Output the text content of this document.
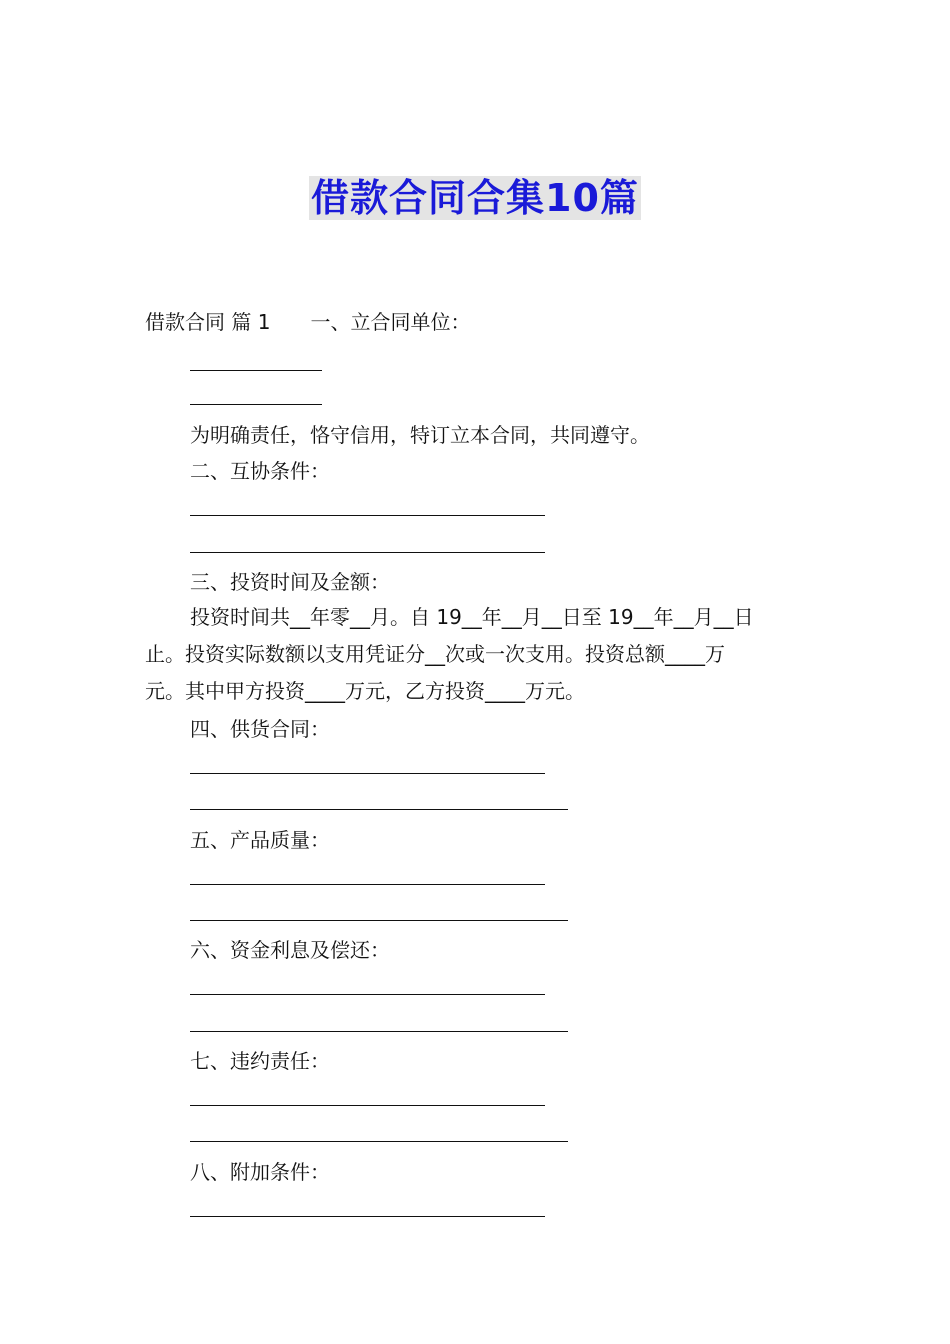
借款合同合集10篇
借款合同 篇 1 一、立合同单位：
为明确责任，恪守信用，特订立本合同，共同遵守。
二、互协条件：
三、投资时间及金额：
投资时间共__年零__月。自 19__年__月__日至 19__年__月__日
止。投资实际数额以支用凭证分__次或一次支用。投资总额____万
元。其中甲方投资____万元，乙方投资____万元。
四、供货合同：
五、产品质量：
六、资金利息及偿还：
七、违约责任：
八、附加条件：
